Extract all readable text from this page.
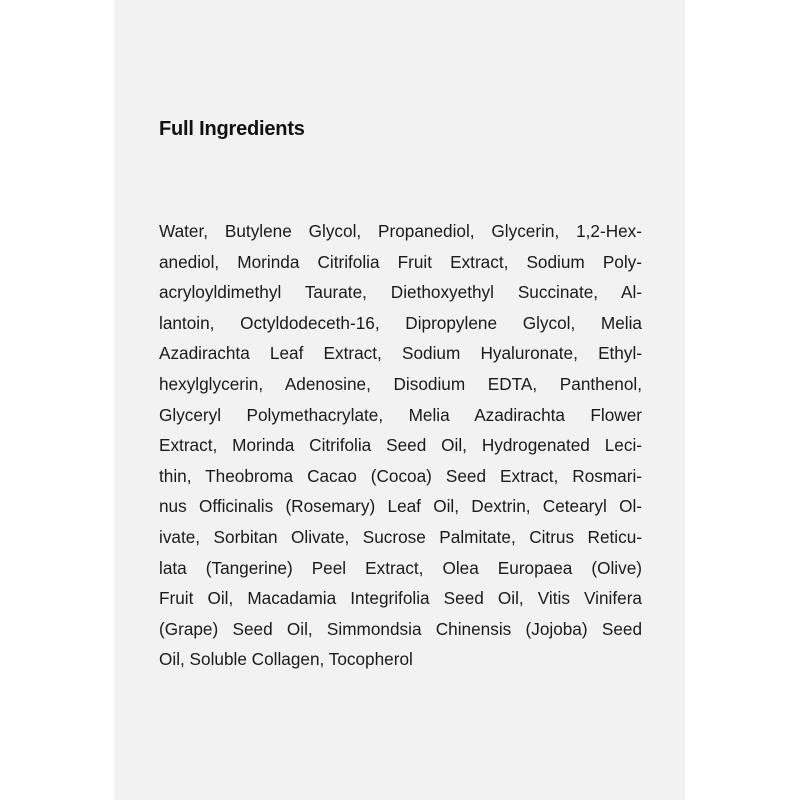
Full Ingredients

Water, Butylene Glycol, Propanediol, Glycerin, 1,2-Hex-
anediol, Morinda Citrifolia Fruit Extract, Sodium Poly-
acryloyldimethyl Taurate, Diethoxyethyl Succinate, Al-
lantoin, Octyldodeceth-16, Dipropylene Glycol, Melia
Azadirachta Leaf Extract, Sodium Hyaluronate, Ethyl-
hexylglycerin, Adenosine, Disodium EDTA, Panthenol,
Glyceryl Polymethacrylate, Melia Azadirachta Flower
Extract, Morinda Citrifolia Seed Oil, Hydrogenated Leci-
thin, Theobroma Cacao (Cocoa) Seed Extract, Rosmari-
nus Officinalis (Rosemary) Leaf Oil, Dextrin, Cetearyl Ol-
ivate, Sorbitan Olivate, Sucrose Palmitate, Citrus Reticu-
lata (Tangerine) Peel Extract, Olea Europaea (Olive)
Fruit Oil, Macadamia Integrifolia Seed Oil, Vitis Vinifera
(Grape) Seed Oil, Simmondsia Chinensis (Jojoba) Seed
Oil, Soluble Collagen, Tocopherol
